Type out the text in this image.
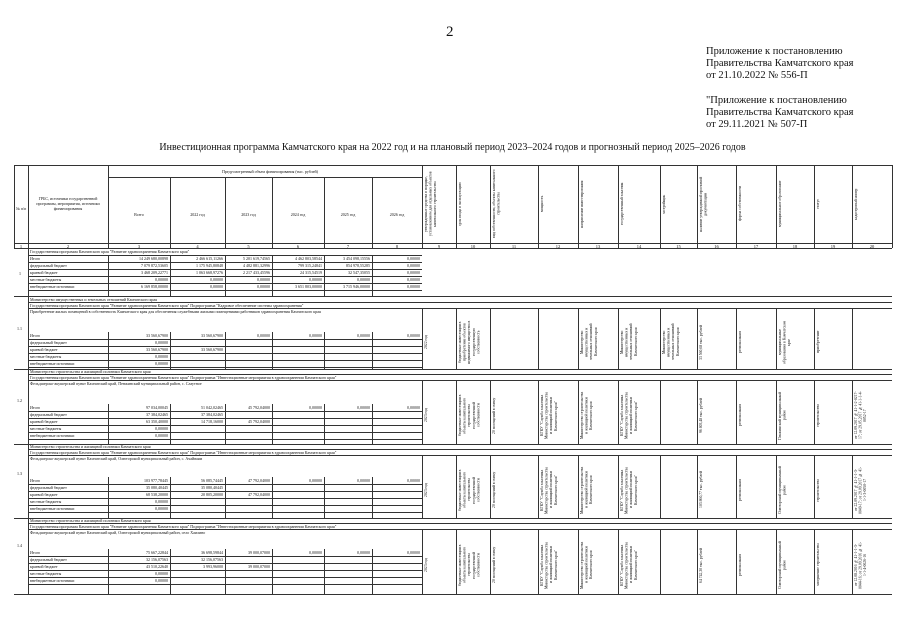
2
Приложение к постановлению
Правительства Камчатского края
от 21.10.2022 № 556-П
"Приложение к постановлению
Правительства Камчатского края
от 29.11.2021 № 507-П
Инвестиционная программа Камчатского края на 2022 год и на плановый период 2023–2024 годов и прогнозный период 2025–2026 годов
№ п/п
ГРБС, источники государственной программы, мероприятия, источники финансирования
Предусмотренный объем финансирования (тыс. рублей)
Всего	2022 год	2023 год	2024 год	2025 год	2026 год	утвержденные средства в порядке, установленном для отдельных объектов капитального строительства	срок ввода в эксплуатацию	вид собственности, объекты капитального строительства	мощность	направление инвестирования	государственный заказчик	застройщик	наличие утвержденной проектной документации	форма собственности	муниципальное образование	статус	кадастровый номер
1	2	3	4	5	6	7	8	9	10	11	12	13	14	15	16	17	18	19	20
Государственная программа Камчатского края "Развитие здравоохранения Камчатского края"
1
Итого	14 249 680,00898	2 466 615,11266	5 201 619,74565	4 462 803,58544	3 454 098,15556	0,00000
федеральный бюджет	7 079 872,53605	1 175 945,80848	4 482 881,32996	799 315,24841	854 978,55285	0,00000
краевой бюджет	3 468 209,22771	1 063 668,97276	2 217 433,45596	24 315,54519	32 547,35055	0,00000
местные бюджеты	0,00000	0,00000	0,00000	0,00000	0,00000	0,00000
внебюджетные источники	6 169 858,00000	0,00000	0,00000	3 651 803,00000	3 715 946,00000	0,00000
Министерство имущественных и земельных отношений Камчатского края
Государственная программа Камчатского края "Развитие здравоохранения Камчатского края" Подпрограмма "Кадровое обеспечение системы здравоохранения"
Приобретение жилых помещений в собственность Камчатского края для обеспечения служебными жилыми помещениями работников здравоохранения Камчатского края
1.1
Итого	33 560,67900	33 560,67900	0,00000	0,00000	0,00000	0,00000
федеральный бюджет	0,00000
краевой бюджет	33 560,67900	33 560,67900
местные бюджеты	0,00000
внебюджетные источники	0,00000
2022 год	бюджетные инвестиции в приобретение объектов недвижимого имущества в государственную собственность	Министерство имущественных и земельных отношений Камчатского края	Министерство имущественных и земельных отношений Камчатского края	Министерство имущественных и земельных отношений Камчатского края	33 560,68 тыс. рублей	региональная	муниципальные образования в Камчатском крае	приобретение
Министерство строительства и жилищной политики Камчатского края
Государственная программа Камчатского края "Развитие здравоохранения Камчатского края" Подпрограмма "Инвестиционные мероприятия в здравоохранении Камчатского края"
Фельдшерско-акушерский пункт Камчатский край, Пенжинский муниципальный район, с. Слаутное
1.2
Итого	97 034,00045	51 042,02465	45 792,04000	0,00000	0,00000	0,00000
федеральный бюджет	37 384,02465	37 384,02465
краевой бюджет	63 350,40000	14 718,16000	45 792,04000
местные бюджеты	0,00000
внебюджетные источники	0,00000
2023 год	бюджетные инвестиции в объекты капитального строительства государственной собственности	20 посещений в смену	КГКУ "Служба заказчика Министерства строительства и жилищной политики Камчатского края"	Министерство строительства и жилищной политики Камчатского края	КГКУ "Служба заказчика Министерства строительства и жилищной политики Камчатского края"	96 803,48 тыс. рублей	региональная	Пенжинский муниципальный район	строительство	от 12.09.2017 № 41-1-2-0217-17; от 29.05.2017 № 41-1-1-4-0052-17
Министерство строительства и жилищной политики Камчатского края
Государственная программа Камчатского края "Развитие здравоохранения Камчатского края" Подпрограмма "Инвестиционные мероприятия в здравоохранении Камчатского края"
Фельдшерско-акушерский пункт Камчатский край, Олюторский муниципальный район, с. Ачайваям
1.3
Итого	103 977,78445	56 085,74445	47 792,04000	0,00000	0,00000	0,00000
федеральный бюджет	35 080,40445	35 080,40445
краевой бюджет	68 538,20000	20 805,20000	47 792,04000
местные бюджеты	0,00000
внебюджетные источники	0,00000
2023 год	бюджетные инвестиции в объекты капитального строительства государственной собственности	20 посещений в смену	КГКУ "Служба заказчика Министерства строительства и жилищной политики Камчатского края"	Министерство строительства и жилищной политики Камчатского края	КГКУ "Служба заказчика Министерства строительства и жилищной политики Камчатского края"	103 860,77 тыс. рублей	региональная	Олюторский муниципальный район	строительство	от 22.09.2017 № 41-1-1-3-0049-17; от 29.09.2017 № 41-1-1-3-0050-17
Министерство строительства и жилищной политики Камчатского края
Государственная программа Камчатского края "Развитие здравоохранения Камчатского края" Подпрограмма "Инвестиционные мероприятия в здравоохранении Камчатского края"
Фельдшерско-акушерский пункт Камчатский край, Олюторский муниципальный район, село Хаилино
1.4
Итого	75 667,22844	36 698,59844	39 000,07000	0,00000	0,00000	0,00000
федеральный бюджет	32 156,07563	32 156,07563
краевой бюджет	43 510,22640	3 993,96000	39 000,07000
местные бюджеты	0,00000
внебюджетные источники	0,00000
2023 год	бюджетные инвестиции в объекты капитального строительства государственной собственности	20 посещений в смену	КГКУ "Служба заказчика Министерства строительства и жилищной политики Камчатского края"	Министерство строительства и жилищной политики Камчатского края	КГКУ "Служба заказчика Министерства строительства и жилищной политики Камчатского края"	64 742,30 тыс. рублей	региональная	Олюторский муниципальный район	завершение строительства	от 12.08.2016 № 41-1-1-3-0044-16; от 29.09.2016 № 41-1-1-4-0026-16
